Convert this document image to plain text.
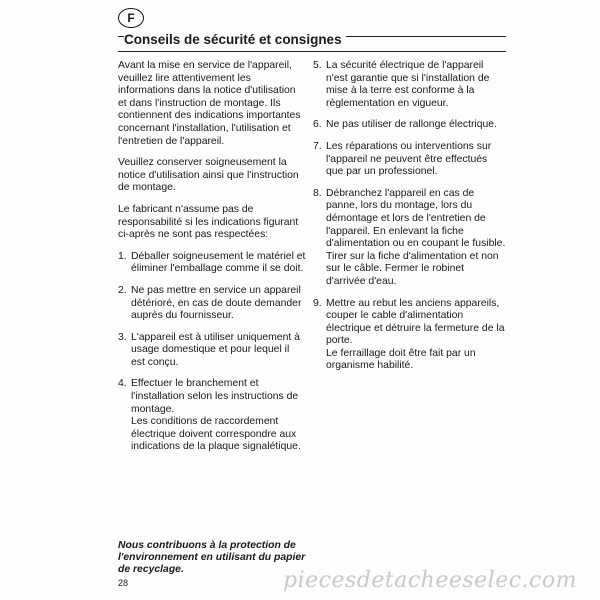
F
Conseils de sécurité et consignes

Avant la mise en service de l'appareil, veuillez lire attentivement les informations dans la notice d'utilisation et dans l'instruction de montage. Ils contiennent des indications importantes concernant l'installation, l'utilisation et l'entretien de l'appareil.

Veuillez conserver soigneusement la notice d'utilisation ainsi que l'instruction de montage.

Le fabricant n'assume pas de responsabilité si les indications figurant ci-après ne sont pas respectées:

1. Déballer soigneusement le matériel et éliminer l'emballage comme il se doit.
2. Ne pas mettre en service un appareil détérioré, en cas de doute demander auprès du fournisseur.
3. L'appareil est à utiliser uniquement à usage domestique et pour lequel il est conçu.
4. Effectuer le branchement et l'installation selon les instructions de montage.
Les conditions de raccordement électrique doivent correspondre aux indications de la plaque signalétique.
5. La sécurité électrique de l'appareil n'est garantie que si l'installation de mise à la terre est conforme à la règlementation en vigueur.
6. Ne pas utiliser de rallonge électrique.
7. Les réparations ou interventions sur l'appareil ne peuvent être effectués que par un professionel.
8. Débranchez l'appareil en cas de panne, lors du montage, lors du démontage et lors de l'entretien de l'appareil. En enlevant la fiche d'alimentation ou en coupant le fusible. Tirer sur la fiche d'alimentation et non sur le câble. Fermer le robinet d'arrivée d'eau.
9. Mettre au rebut les anciens appareils, couper le cable d'alimentation électrique et détruire la fermeture de la porte.
Le ferraillage doit être fait par un organisme habilité.
Nous contribuons à la protection de l'environnement en utilisant du papier de recyclage.
28	piecesdetacheeselec.com
